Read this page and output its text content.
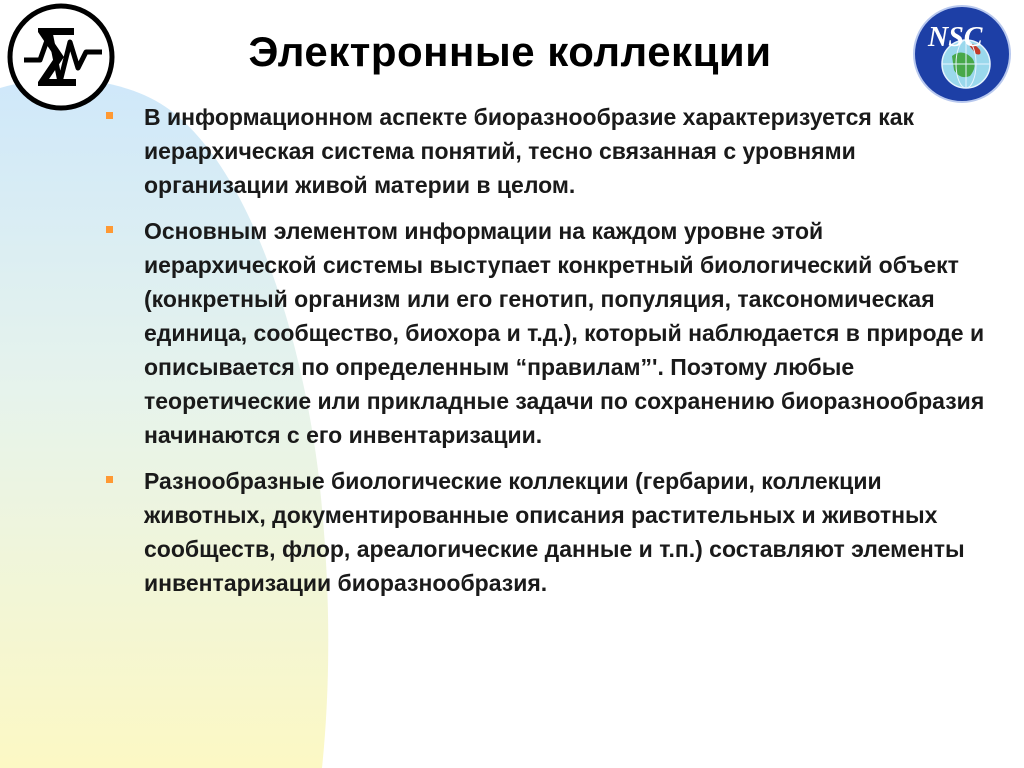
NSC
Электронные коллекции
В информационном аспекте биоразнообразие характеризуется как иерархическая система понятий, тесно связанная с уровнями организации живой материи в целом.
Основным элементом информации на каждом уровне этой иерархической системы выступает конкретный биологический объект (конкретный организм или его генотип, популяция, таксономическая единица, сообщество, биохора и т.д.), который наблюдается в природе и описывается по определенным “правилам”'. Поэтому любые теоретические или прикладные задачи по сохранению биоразнообразия начинаются с его инвентаризации.
Разнообразные биологические коллекции (гербарии, коллекции животных, документированные описания растительных и животных сообществ, флор, ареалогические данные и т.п.) составляют элементы инвентаризации биоразнообразия.
